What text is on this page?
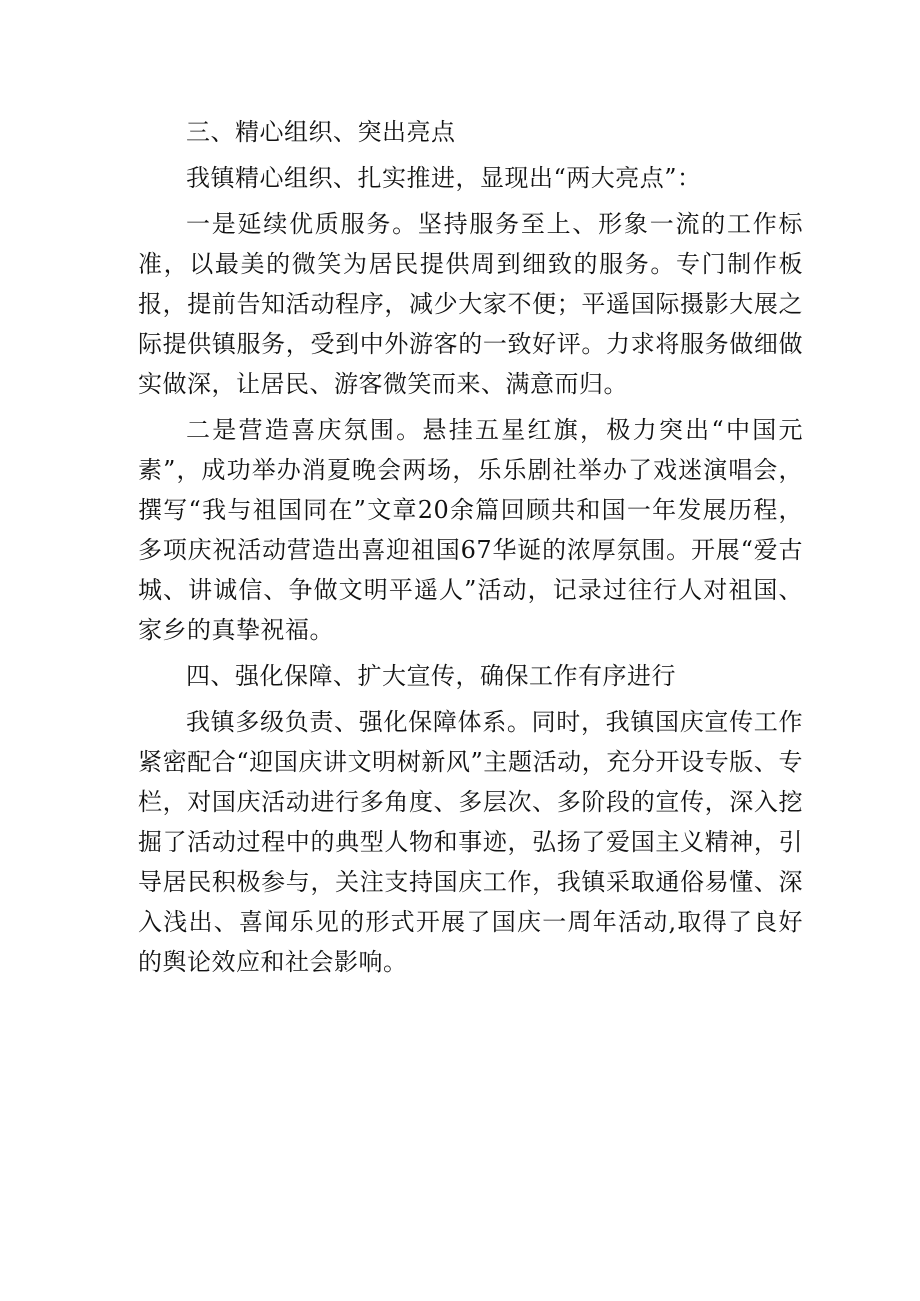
三、精心组织、突出亮点

我镇精心组织、扎实推进，显现出“两大亮点”：

一是延续优质服务。坚持服务至上、形象一流的工作标准，以最美的微笑为居民提供周到细致的服务。专门制作板报，提前告知活动程序，减少大家不便；平遥国际摄影大展之际提供镇服务，受到中外游客的一致好评。力求将服务做细做实做深，让居民、游客微笑而来、满意而归。

二是营造喜庆氛围。悬挂五星红旗，极力突出“中国元素”，成功举办消夏晚会两场，乐乐剧社举办了戏迷演唱会，撰写“我与祖国同在”文章20余篇回顾共和国一年发展历程，多项庆祝活动营造出喜迎祖国67华诞的浓厚氛围。开展“爱古城、讲诚信、争做文明平遥人”活动，记录过往行人对祖国、家乡的真挚祝福。

四、强化保障、扩大宣传，确保工作有序进行

我镇多级负责、强化保障体系。同时，我镇国庆宣传工作紧密配合“迎国庆讲文明树新风”主题活动，充分开设专版、专栏，对国庆活动进行多角度、多层次、多阶段的宣传，深入挖掘了活动过程中的典型人物和事迹，弘扬了爱国主义精神，引导居民积极参与，关注支持国庆工作，我镇采取通俗易懂、深入浅出、喜闻乐见的形式开展了国庆一周年活动,取得了良好的舆论效应和社会影响。
